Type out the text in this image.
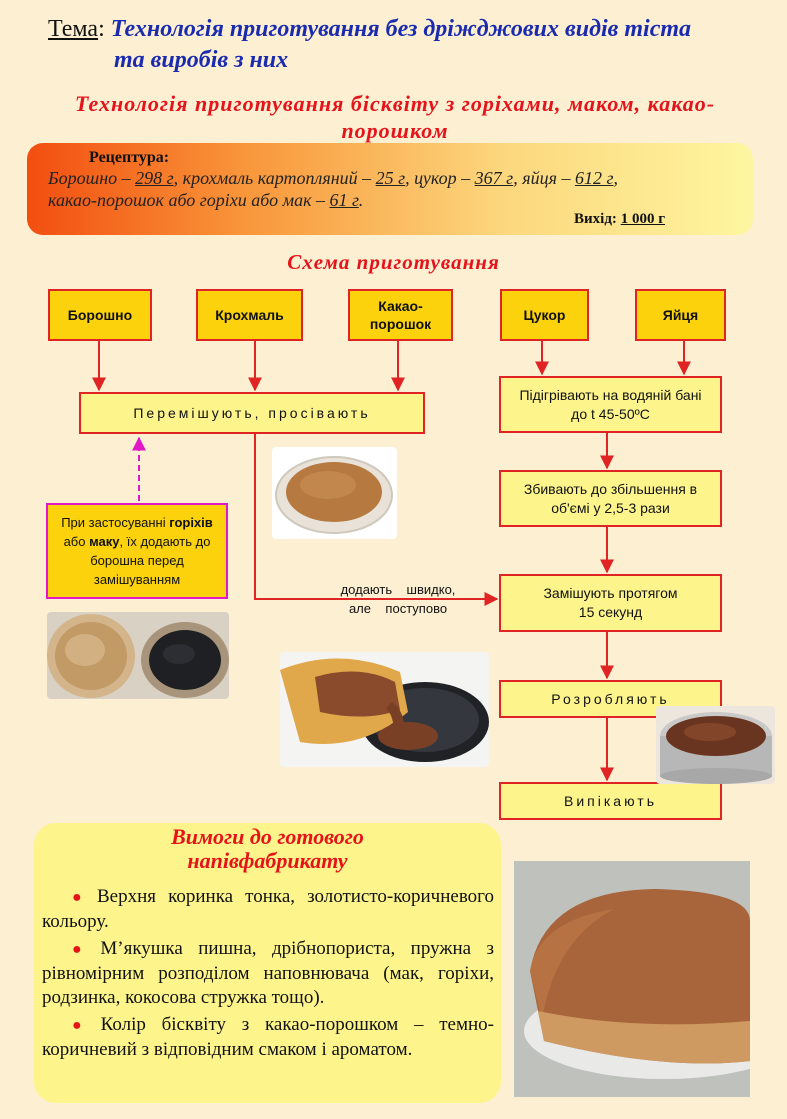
Тема: Технологія приготування без дріжджових видів тіста
та виробів з них
Технологія приготування бісквіту з горіхами, маком, какао-
порошком
Рецептура:
Борошно – 298 г, крохмаль картопляний – 25 г, цукор – 367 г, яйця – 612 г,
какао-порошок або горіхи або мак – 61 г.
Вихід: 1 000 г
Схема приготування
Борошно	Крохмаль
Какао-
порошок
Цукор	Яйця
Перемішують, просівають
Підігрівають на водяній бані
до t 45-50ºС
Збивають до збільшення в
об'ємі у 2,5-3 рази
Замішують протягом
15 секунд
Розробляють
Випікають
При застосуванні горіхів або маку, їх додають до борошна перед замішуванням
додають    швидко,
але    поступово
Вимоги до готового
напівфабрикату

● Верхня коринка тонка, золотисто-коричневого кольору.

● М’якушка пишна, дрібнопориста, пружна з рівномірним розподілом наповнювача (мак, горіхи, родзинка, кокосова стружка тощо).

● Колір бісквіту з какао-порошком – темно-коричневий з відповідним смаком і ароматом.
